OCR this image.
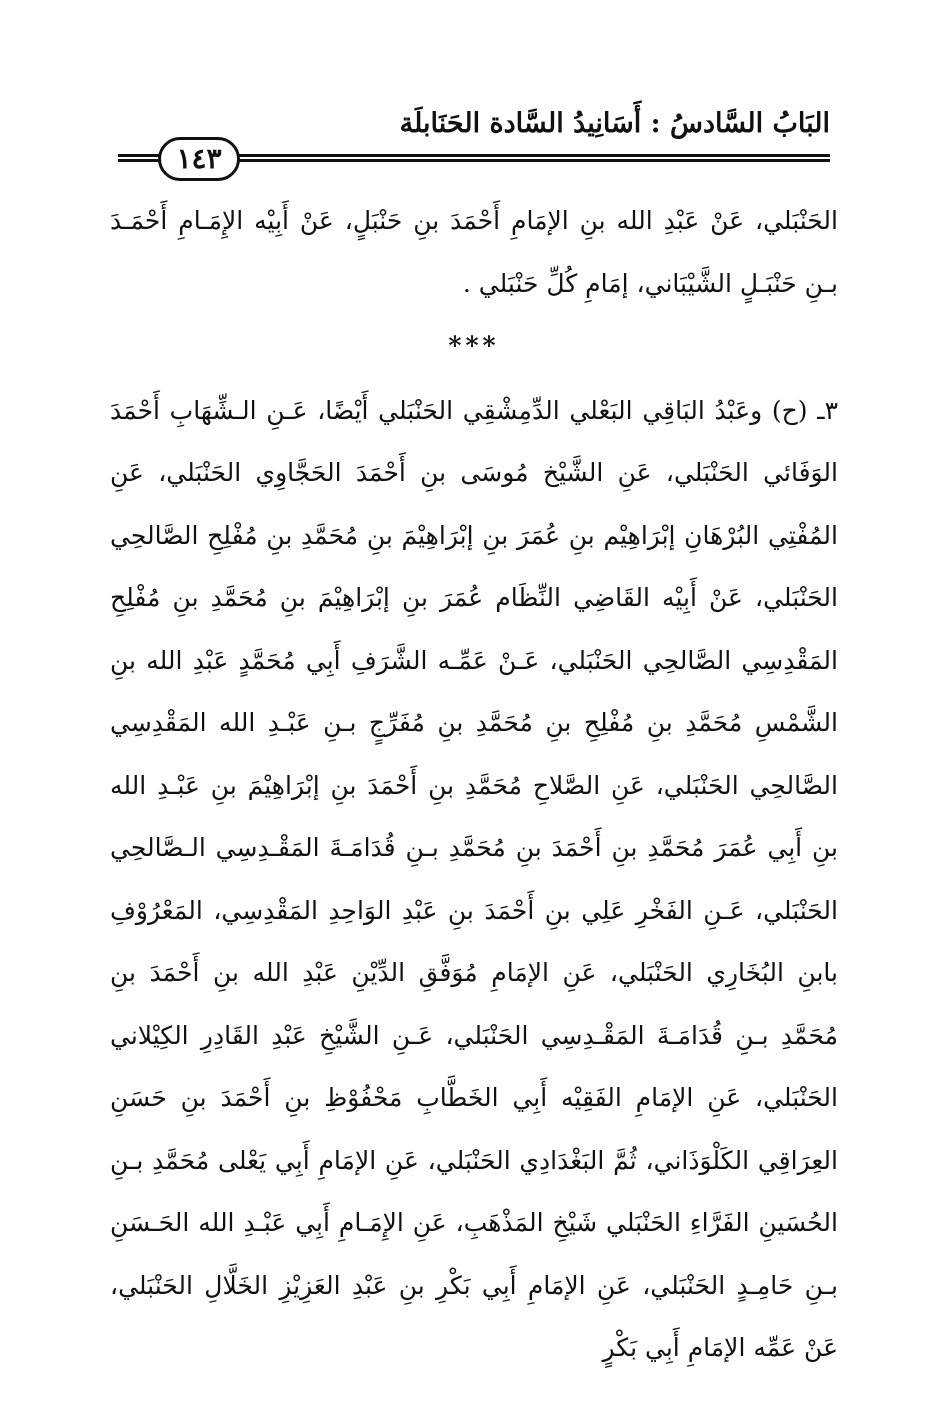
البَابُ السَّادسُ : أَسَانِيدُ السَّادة الحَنَابلَة
١٤٣

الحَنْبَلي، عَنْ عَبْدِ الله بنِ الإمَامِ أَحْمَدَ بنِ حَنْبَلٍ، عَنْ أَبِيْه الإِمَـامِ أَحْمَـدَ بـنِ حَنْبَـلٍ الشَّيْبَاني، إمَامِ كُلِّ حَنْبَلي .

***

٣ـ (ح) وعَبْدُ البَاقِي البَعْلي الدِّمِشْقِي الحَنْبَلي أَيْضًا، عَـنِ الـشِّهَابِ أَحْمَدَ الوَفَائي الحَنْبَلي، عَنِ الشَّيْخ مُوسَى بنِ أَحْمَدَ الحَجَّاوِي الحَنْبَلي، عَنِ المُفْتِي البُرْهَانِ إبْرَاهِيْم بنِ عُمَرَ بنِ إبْرَاهِيْمَ بنِ مُحَمَّدِ بنِ مُفْلِحِ الصَّالحِي الحَنْبَلي، عَنْ أَبِيْه القَاضِي النِّظَام عُمَرَ بنِ إبْرَاهِيْمَ بنِ مُحَمَّدِ بنِ مُفْلِحِ المَقْدِسِي الصَّالحِي الحَنْبَلي، عَـنْ عَمِّـه الشَّرَفِ أَبِي مُحَمَّدٍ عَبْدِ الله بنِ الشَّمْسِ مُحَمَّدِ بنِ مُفْلِحِ بنِ مُحَمَّدِ بنِ مُفَرِّجٍ بـنِ عَبْـدِ الله المَقْدِسِي الصَّالحِي الحَنْبَلي، عَنِ الصَّلاحِ مُحَمَّدِ بنِ أَحْمَدَ بنِ إبْرَاهِيْمَ بنِ عَبْـدِ الله بنِ أَبِي عُمَرَ مُحَمَّدِ بنِ أَحْمَدَ بنِ مُحَمَّدِ بـنِ قُدَامَـةَ المَقْـدِسِي الـصَّالحِي الحَنْبَلي، عَـنِ الفَخْرِ عَلِي بنِ أَحْمَدَ بنِ عَبْدِ الوَاحِدِ المَقْدِسِي، المَعْرُوْفِ بابنِ البُخَارِي الحَنْبَلي، عَنِ الإمَامِ مُوَفَّقِ الدِّيْنِ عَبْدِ الله بنِ أَحْمَدَ بنِ مُحَمَّدِ بـنِ قُدَامَـةَ المَقْـدِسِي الحَنْبَلي، عَـنِ الشَّيْخِ عَبْدِ القَادِرِ الكِيْلاني الحَنْبَلي، عَنِ الإمَامِ الفَقِيْه أَبِي الخَطَّابِ مَحْفُوْظِ بنِ أَحْمَدَ بنِ حَسَنِ العِرَاقِي الكَلْوَذَاني، ثُمَّ البَغْدَادِي الحَنْبَلي، عَنِ الإمَامِ أَبِي يَعْلى مُحَمَّدِ بـنِ الحُسَينِ الفَرَّاءِ الحَنْبَلي شَيْخِ المَذْهَبِ، عَنِ الإِمَـامِ أَبِي عَبْـدِ الله الحَـسَنِ بـنِ حَامِـدٍ الحَنْبَلي، عَنِ الإمَامِ أَبِي بَكْرِ بنِ عَبْدِ العَزِيْزِ الخَلَّالِ الحَنْبَلي، عَنْ عَمِّه الإمَامِ أَبِي بَكْرٍ
